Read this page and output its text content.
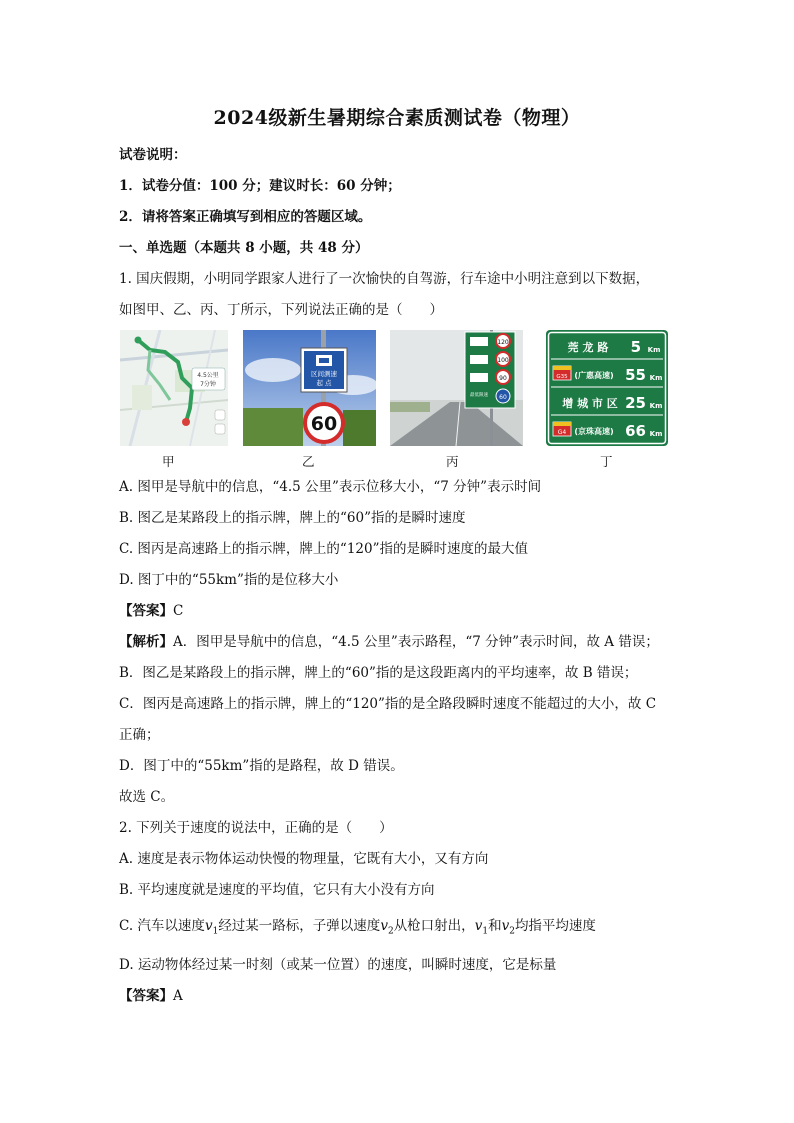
2024级新生暑期综合素质测试卷（物理）
试卷说明：
1．试卷分值：100 分；建议时长：60 分钟；
2．请将答案正确填写到相应的答题区域。
一、单选题（本题共 8 小题，共 48 分）
1. 国庆假期，小明同学跟家人进行了一次愉快的自驾游，行车途中小明注意到以下数据，
如图甲、乙、丙、丁所示，下列说法正确的是（　　）
4.5公里
7分钟
区间测速
起 点
60
120
100
90
最低限速 60
莞 龙 路 5 Km
G35 (广惠高速) 55 Km
增 城 市 区 25 Km
G4 (京珠高速) 66 Km
甲	乙	丙	丁
A. 图甲是导航中的信息，“4.5 公里”表示位移大小，“7 分钟”表示时间
B. 图乙是某路段上的指示牌，牌上的“60”指的是瞬时速度
C. 图丙是高速路上的指示牌，牌上的“120”指的是瞬时速度的最大值
D. 图丁中的“55km”指的是位移大小
【答案】C
【解析】A．图甲是导航中的信息，“4.5 公里”表示路程，“7 分钟”表示时间，故 A 错误；
B．图乙是某路段上的指示牌，牌上的“60”指的是这段距离内的平均速率，故 B 错误；
C．图丙是高速路上的指示牌，牌上的“120”指的是全路段瞬时速度不能超过的大小，故 C
正确；
D．图丁中的“55km”指的是路程，故 D 错误。
故选 C。
2. 下列关于速度的说法中，正确的是（　　）
A. 速度是表示物体运动快慢的物理量，它既有大小，又有方向
B. 平均速度就是速度的平均值，它只有大小没有方向
C. 汽车以速度$v_1$经过某一路标，子弹以速度$v_2$从枪口射出，$v_1$和$v_2$均指平均速度
D. 运动物体经过某一时刻（或某一位置）的速度，叫瞬时速度，它是标量
【答案】A
